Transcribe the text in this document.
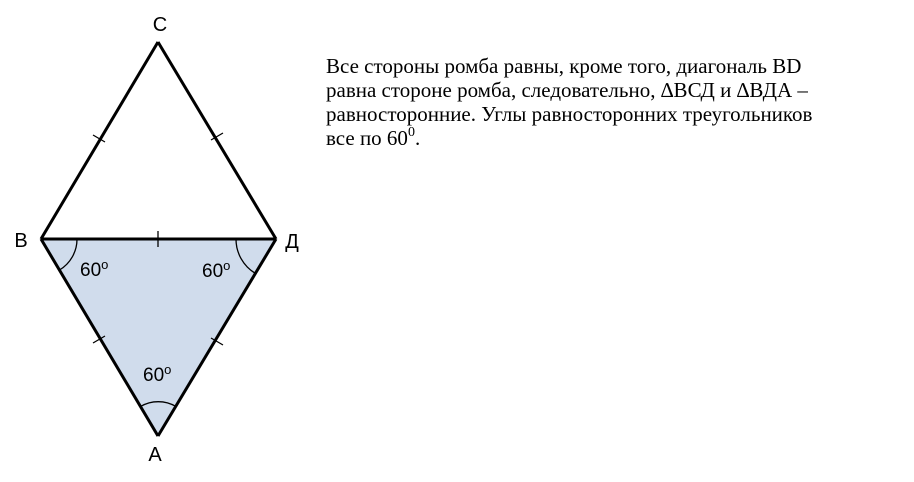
C
B	Д
A
60$^o$	60$^o$
60$^o$
Все стороны ромба равны, кроме того, диагональ BD
равна стороне ромба, следовательно, ∆ВСД и ∆ВДА –
равносторонние. Углы равносторонних треугольников
все по $60^0$.
